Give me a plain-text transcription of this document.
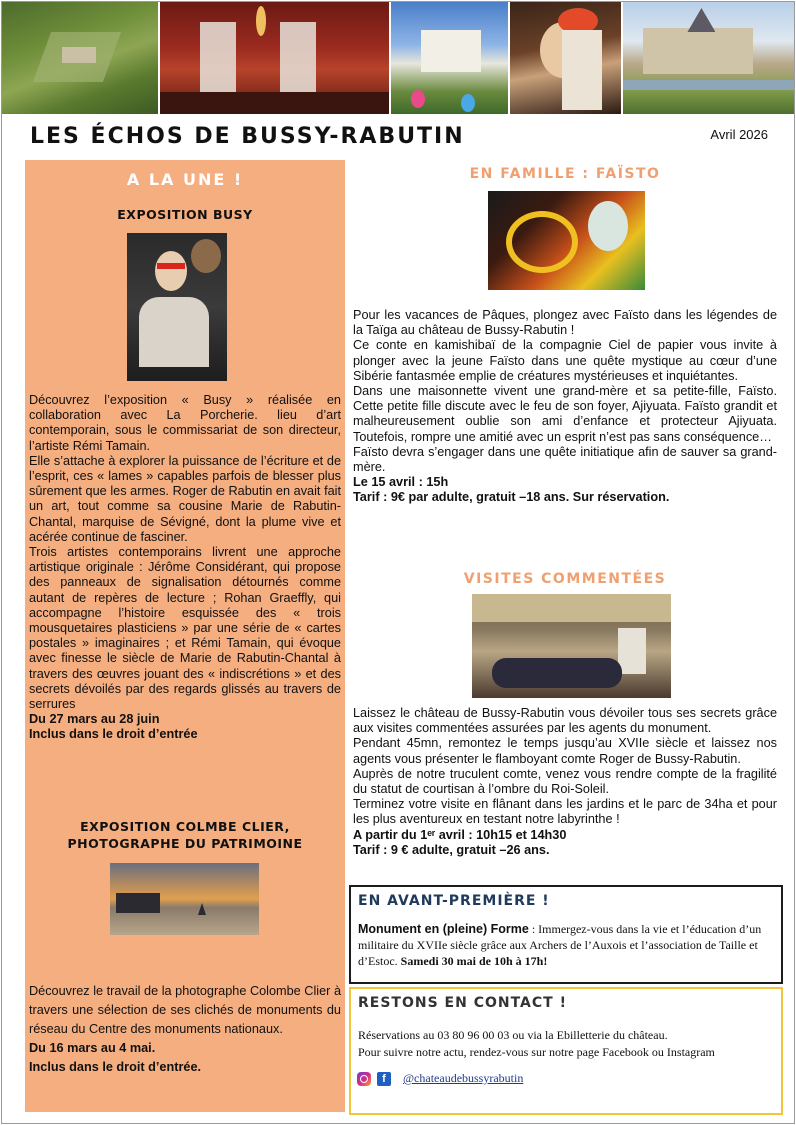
LES ÉCHOS DE BUSSY-RABUTIN	Avril 2026
A LA UNE !
EXPOSITION BUSY
Découvrez l’exposition « Busy » réalisée en collaboration avec La Porcherie. lieu d’art contemporain, sous le commissariat de son directeur, l’artiste Rémi Tamain.
Elle s’attache à explorer la puissance de l’écriture et de l’esprit, ces « lames » capables parfois de blesser plus sûrement que les armes. Roger de Rabutin en avait fait un art, tout comme sa cousine Marie de Rabutin-Chantal, marquise de Sévigné, dont la plume vive et acérée continue de fasciner.
Trois artistes contemporains livrent une approche artistique originale : Jérôme Considérant, qui propose des panneaux de signalisation détournés comme autant de repères de lecture ; Rohan Graeffly, qui accompagne l’histoire esquissée des « trois mousquetaires plasticiens » par une série de « cartes postales » imaginaires ; et Rémi Tamain, qui évoque avec finesse le siècle de Marie de Rabutin-Chantal à travers des œuvres jouant des « indiscrétions » et des secrets dévoilés par des regards glissés au travers de serrures
Du 27 mars au 28 juin
Inclus dans le droit d’entrée
EXPOSITION COLMBE CLIER, PHOTOGRAPHE DU PATRIMOINE
Découvrez le travail de la photographe Colombe Clier à travers une sélection de ses clichés de monuments du réseau du Centre des monuments nationaux.
Du 16 mars au 4 mai.
Inclus dans le droit d’entrée.
EN FAMILLE : FAÏSTO
Pour les vacances de Pâques, plongez avec Faïsto dans les légendes de la Taïga au château de Bussy-Rabutin !
Ce conte en kamishibaï de la compagnie Ciel de papier vous invite à plonger avec la jeune Faïsto dans une quête mystique au cœur d’une Sibérie fantasmée emplie de créatures mystérieuses et inquiétantes.
Dans une maisonnette vivent une grand-mère et sa petite-fille, Faïsto. Cette petite fille discute avec le feu de son foyer, Ajiyuata. Faïsto grandit et malheureusement oublie son ami d’enfance et protecteur Ajiyuata. Toutefois, rompre une amitié avec un esprit n’est pas sans conséquence…
Faïsto devra s’engager dans une quête initiatique afin de sauver sa grand-mère.
Le 15 avril : 15h
Tarif : 9€ par adulte, gratuit –18 ans. Sur réservation.
VISITES COMMENTÉES
Laissez le château de Bussy-Rabutin vous dévoiler tous ses secrets grâce aux visites commentées assurées par les agents du monument.
Pendant 45mn, remontez le temps jusqu’au XVIIe siècle et laissez nos agents vous présenter le flamboyant comte Roger de Bussy-Rabutin.
Auprès de notre truculent comte, venez vous rendre compte de la fragilité du statut de courtisan à l’ombre du Roi-Soleil.
Terminez votre visite en flânant dans les jardins et le parc de 34ha et pour les plus aventureux en testant notre labyrinthe !
A partir du 1ᵉʳ avril : 10h15 et 14h30
Tarif : 9 € adulte, gratuit –26 ans.
EN AVANT-PREMIÈRE !

Monument en (pleine) Forme : Immergez-vous dans la vie et l’éducation d’un militaire du XVIIe siècle grâce aux Archers de l’Auxois et l’association de Taille et d’Estoc. Samedi 30 mai de 10h à 17h!

RESTONS EN CONTACT !

Réservations au 03 80 96 00 03 ou via la Ebilletterie du château.

Pour suivre notre actu, rendez-vous sur notre page Facebook ou Instagram

f	@chateaudebussyrabutin
